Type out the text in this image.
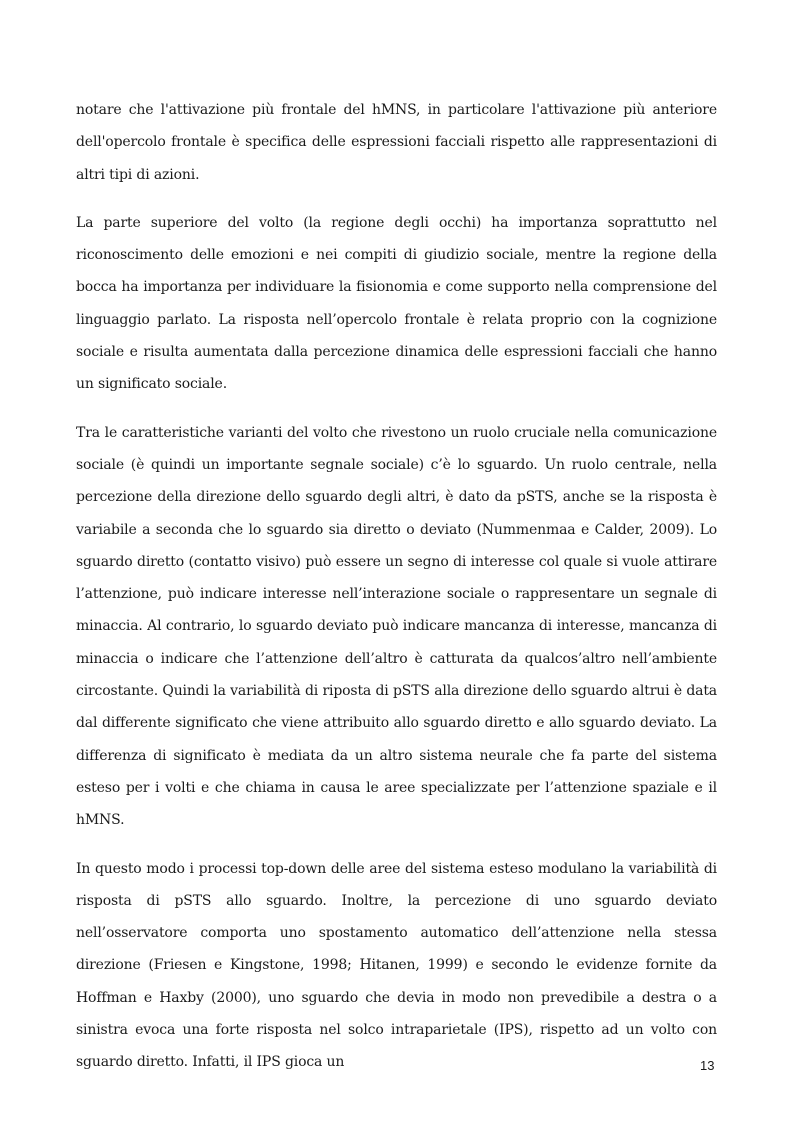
notare che l'attivazione più frontale del hMNS, in particolare l'attivazione più anteriore dell'opercolo frontale è specifica delle espressioni facciali rispetto alle rappresentazioni di altri tipi di azioni.

La parte superiore del volto (la regione degli occhi) ha importanza soprattutto nel riconoscimento delle emozioni e nei compiti di giudizio sociale, mentre la regione della bocca ha importanza per individuare la fisionomia e come supporto nella comprensione del linguaggio parlato. La risposta nell’opercolo frontale è relata proprio con la cognizione sociale e risulta aumentata dalla percezione dinamica delle espressioni facciali che hanno un significato sociale.

Tra le caratteristiche varianti del volto che rivestono un ruolo cruciale nella comunicazione sociale (è quindi un importante segnale sociale) c’è lo sguardo. Un ruolo centrale, nella percezione della direzione dello sguardo degli altri, è dato da pSTS, anche se la risposta è variabile a seconda che lo sguardo sia diretto o deviato (Nummenmaa e Calder, 2009). Lo sguardo diretto (contatto visivo) può essere un segno di interesse col quale si vuole attirare l’attenzione, può indicare interesse nell’interazione sociale o rappresentare un segnale di minaccia. Al contrario, lo sguardo deviato può indicare mancanza di interesse, mancanza di minaccia o indicare che l’attenzione dell’altro è catturata da qualcos’altro nell’ambiente circostante. Quindi la variabilità di riposta di pSTS alla direzione dello sguardo altrui è data dal differente significato che viene attribuito allo sguardo diretto e allo sguardo deviato. La differenza di significato è mediata da un altro sistema neurale che fa parte del sistema esteso per i volti e che chiama in causa le aree specializzate per l’attenzione spaziale e il hMNS.

In questo modo i processi top-down delle aree del sistema esteso modulano la variabilità di risposta di pSTS allo sguardo. Inoltre, la percezione di uno sguardo deviato nell’osservatore comporta uno spostamento automatico dell’attenzione nella stessa direzione (Friesen e Kingstone, 1998; Hitanen, 1999) e secondo le evidenze fornite da Hoffman e Haxby (2000), uno sguardo che devia in modo non prevedibile a destra o a sinistra evoca una forte risposta nel solco intraparietale (IPS), rispetto ad un volto con sguardo diretto. Infatti, il IPS gioca un	13
